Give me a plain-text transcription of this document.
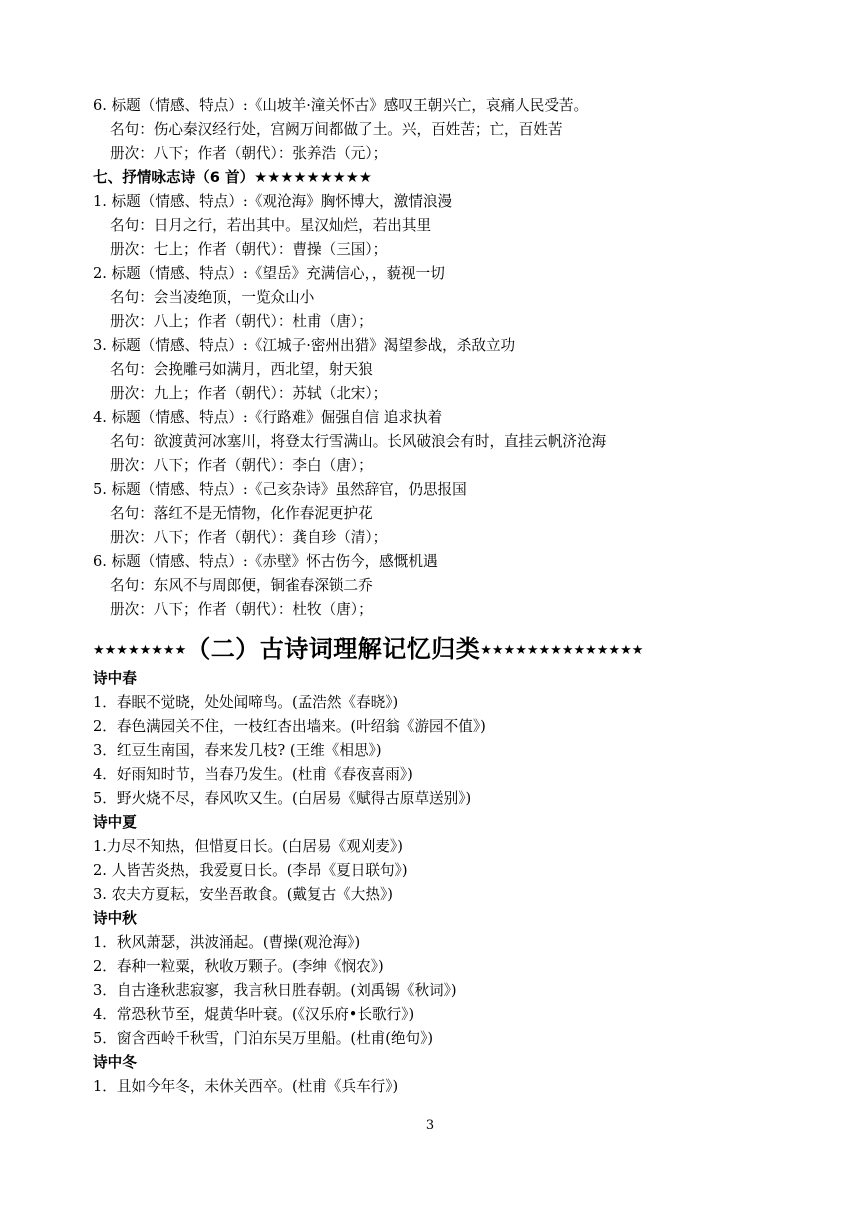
6. 标题（情感、特点）:《山坡羊·潼关怀古》感叹王朝兴亡，哀痛人民受苦。
名句：伤心秦汉经行处，宫阙万间都做了土。兴，百姓苦；亡，百姓苦
册次：八下；作者（朝代）：张养浩（元）；
七、抒情咏志诗（6 首）★★★★★★★★★
1. 标题（情感、特点）:《观沧海》胸怀博大，激情浪漫
名句：日月之行，若出其中。星汉灿烂，若出其里
册次：七上；作者（朝代）：曹操（三国）；
2. 标题（情感、特点）:《望岳》充满信心，，藐视一切
名句：会当凌绝顶，一览众山小
册次：八上；作者（朝代）：杜甫（唐）；
3. 标题（情感、特点）:《江城子·密州出猎》渴望参战，杀敌立功
名句：会挽雕弓如满月，西北望，射天狼
册次：九上；作者（朝代）：苏轼（北宋）；
4. 标题（情感、特点）:《行路难》倔强自信 追求执着
名句：欲渡黄河冰塞川，将登太行雪满山。长风破浪会有时，直挂云帆济沧海
册次：八下；作者（朝代）：李白（唐）；
5. 标题（情感、特点）:《己亥杂诗》虽然辞官，仍思报国
名句：落红不是无情物，化作春泥更护花
册次：八下；作者（朝代）：龚自珍（清）；
6. 标题（情感、特点）:《赤壁》怀古伤今，感慨机遇
名句：东风不与周郎便，铜雀春深锁二乔
册次：八下；作者（朝代）：杜牧（唐）；
★★★★★★★★（二）古诗词理解记忆归类★★★★★★★★★★★★★★
诗中春
1．春眠不觉晓，处处闻啼鸟。(孟浩然《春晓》)
2．春色满园关不住，一枝红杏出墙来。(叶绍翁《游园不值》)
3．红豆生南国，春来发几枝? (王维《相思》)
4．好雨知时节，当春乃发生。(杜甫《春夜喜雨》)
5．野火烧不尽，春风吹又生。(白居易《赋得古原草送别》)
诗中夏
1.力尽不知热，但惜夏日长。(白居易《观刈麦》)
2. 人皆苦炎热，我爱夏日长。(李昂《夏日联句》)
3. 农夫方夏耘，安坐吾敢食。(戴复古《大热》)
诗中秋
1．秋风萧瑟，洪波涌起。(曹操(观沧海》)
2．春种一粒粟，秋收万颗子。(李绅《悯农》)
3．自古逢秋悲寂寥，我言秋日胜春朝。(刘禹锡《秋词》)
4．常恐秋节至，焜黄华叶衰。(《汉乐府•长歌行》)
5．窗含西岭千秋雪，门泊东吴万里船。(杜甫(绝句》)
诗中冬
1．且如今年冬，未休关西卒。(杜甫《兵车行》)
3
